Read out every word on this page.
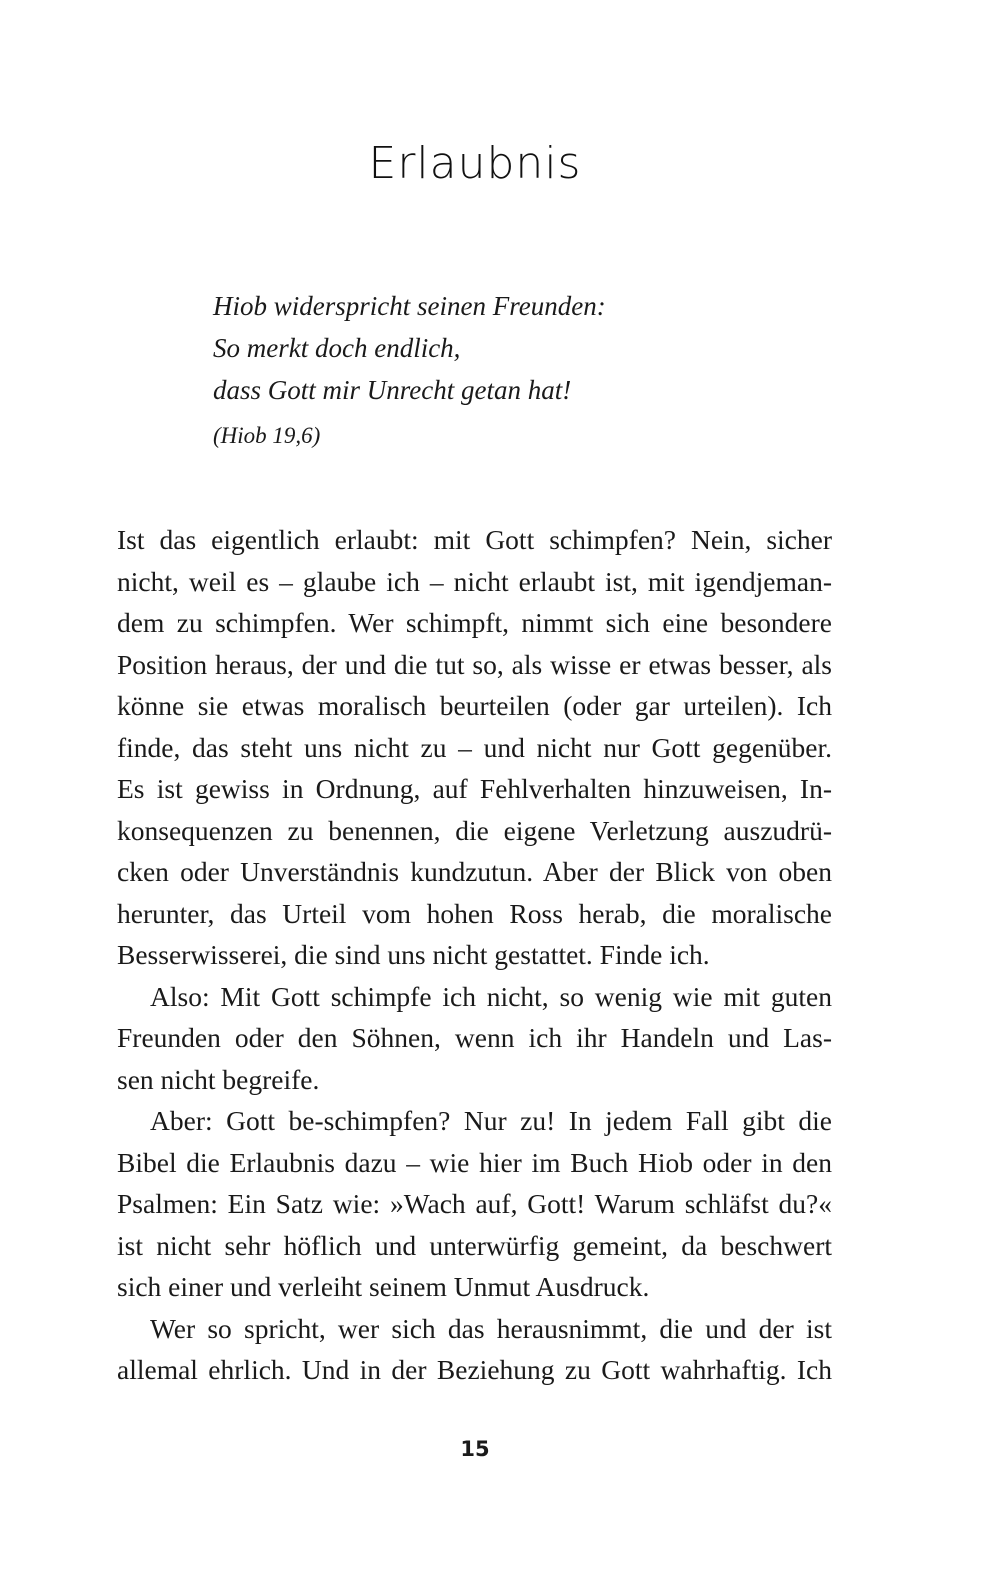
Erlaubnis
Hiob widerspricht seinen Freunden:
So merkt doch endlich,
dass Gott mir Unrecht getan hat!
(Hiob 19,6)
Ist das eigentlich erlaubt: mit Gott schimpfen? Nein, sicher
nicht, weil es – glaube ich – nicht erlaubt ist, mit igendjeman-
dem zu schimpfen. Wer schimpft, nimmt sich eine besondere
Position heraus, der und die tut so, als wisse er etwas besser, als
könne sie etwas moralisch beurteilen (oder gar urteilen). Ich
finde, das steht uns nicht zu – und nicht nur Gott gegenüber.
Es ist gewiss in Ordnung, auf Fehlverhalten hinzuweisen, In-
konsequenzen zu benennen, die eigene Verletzung auszudrü-
cken oder Unverständnis kundzutun. Aber der Blick von oben
herunter, das Urteil vom hohen Ross herab, die moralische
Besserwisserei, die sind uns nicht gestattet. Finde ich.
Also: Mit Gott schimpfe ich nicht, so wenig wie mit guten
Freunden oder den Söhnen, wenn ich ihr Handeln und Las-
sen nicht begreife.
Aber: Gott be-schimpfen? Nur zu! In jedem Fall gibt die
Bibel die Erlaubnis dazu – wie hier im Buch Hiob oder in den
Psalmen: Ein Satz wie: »Wach auf, Gott! Warum schläfst du?«
ist nicht sehr höflich und unterwürfig gemeint, da beschwert
sich einer und verleiht seinem Unmut Ausdruck.
Wer so spricht, wer sich das herausnimmt, die und der ist
allemal ehrlich. Und in der Beziehung zu Gott wahrhaftig. Ich
15
